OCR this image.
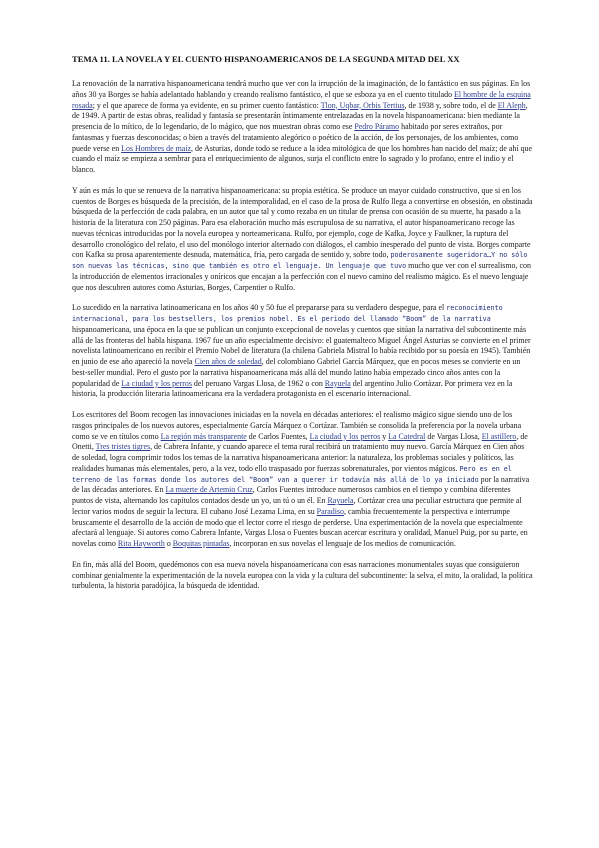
TEMA 11. LA NOVELA Y EL CUENTO HISPANOAMERICANOS DE LA SEGUNDA MITAD DEL XX

La renovación de la narrativa hispanoamericana tendrá mucho que ver con la irrupción de la imaginación, de lo fantástico en sus páginas. En los años 30 ya Borges se había adelantado hablando y creando realismo fantástico, el que se esboza ya en el cuento titulado El hombre de la esquina rosada; y el que aparece de forma ya evidente, en su primer cuento fantástico: Tlon, Uqbar, Orbis Tertius, de 1938 y, sobre todo, el de El Aleph, de 1949. A partir de estas obras, realidad y fantasía se presentarán íntimamente entrelazadas en la novela hispanoamericana: bien mediante la presencia de lo mítico, de lo legendario, de lo mágico, que nos muestran obras como ese Pedro Páramo habitado por seres extraños, por fantasmas y fuerzas desconocidas; o bien a través del tratamiento alegórico o poético de la acción, de los personajes, de los ambientes, como puede verse en Los Hombres de maíz, de Asturias, donde todo se reduce a la idea mitológica de que los hombres han nacido del maíz; de ahí que cuando el maíz se empieza a sembrar para el enriquecimiento de algunos, surja el conflicto entre lo sagrado y lo profano, entre el indio y el blanco.

Y aún es más lo que se renueva de la narrativa hispanoamericana: su propia estética. Se produce un mayor cuidado constructivo, que si en los cuentos de Borges es búsqueda de la precisión, de la intemporalidad, en el caso de la prosa de Rulfo llega a convertirse en obsesión, en obstinada búsqueda de la perfección de cada palabra, en un autor que tal y como rezaba en un titular de prensa con ocasión de su muerte, ha pasado a la historia de la literatura con 250 páginas. Para esa elaboración mucho más escrupulosa de su narrativa, el autor hispanoamericano recoge las nuevas técnicas introducidas por la novela europea y norteamericana. Rulfo, por ejemplo, coge de Kafka, Joyce y Faulkner, la ruptura del desarrollo cronológico del relato, el uso del monólogo interior alternado con diálogos, el cambio inesperado del punto de vista. Borges comparte con Kafka su prosa aparentemente desnuda, matemática, fría, pero cargada de sentido y, sobre todo, poderosamente sugeridora…Y no sólo son nuevas las técnicas, sino que también es otro el lenguaje. Un lenguaje que tuvo mucho que ver con el surrealismo, con la introducción de elementos irracionales y oníricos que encajan a la perfección con el nuevo camino del realismo mágico. Es el nuevo lenguaje que nos descubren autores como Asturias, Borges, Carpentier o Rulfo.

Lo sucedido en la narrativa latinoamericana en los años 40 y 50 fue el prepararse para su verdadero despegue, para el reconocimiento internacional, para los bestsellers, los premios nobel. Es el periodo del llamado “Boom” de la narrativa hispanoamericana, una época en la que se publican un conjunto excepcional de novelas y cuentos que sitúan la narrativa del subcontinente más allá de las fronteras del habla hispana. 1967 fue un año especialmente decisivo: el guatemalteco Miguel Ángel Asturias se convierte en el primer novelista latinoamericano en recibir el Premio Nobel de literatura (la chilena Gabriela Mistral lo había recibido por su poesía en 1945). También en junio de ese año apareció la novela Cien años de soledad, del colombiano Gabriel García Márquez, que en pocos meses se convierte en un best-seller mundial. Pero el gusto por la narrativa hispanoamericana más allá del mundo latino había empezado cinco años antes con la popularidad de La ciudad y los perros del peruano Vargas Llosa, de 1962 o con Rayuela del argentino Julio Cortázar. Por primera vez en la historia, la producción literaria latinoamericana era la verdadera protagonista en el escenario internacional.

Los escritores del Boom recogen las innovaciones iniciadas en la novela en décadas anteriores: el realismo mágico sigue siendo uno de los rasgos principales de los nuevos autores, especialmente García Márquez o Cortázar. También se consolida la preferencia por la novela urbana como se ve en títulos como La región más transparente de Carlos Fuentes, La ciudad y los perros y La Catedral de Vargas Llosa, El astillero, de Onetti, Tres tristes tigres, de Cabrera Infante, y cuando aparece el tema rural recibirá un tratamiento muy nuevo. García Márquez en Cien años de soledad, logra comprimir todos los temas de la narrativa hispanoamericana anterior: la naturaleza, los problemas sociales y políticos, las realidades humanas más elementales, pero, a la vez, todo ello traspasado por fuerzas sobrenaturales, por vientos mágicos. Pero es en el terreno de las formas donde los autores del “Boom” van a querer ir todavía más allá de lo ya iniciado por la narrativa de las décadas anteriores. En La muerte de Artemio Cruz, Carlos Fuentes introduce numerosos cambios en el tiempo y combina diferentes puntos de vista, alternando los capítulos contados desde un yo, un tú o un él. En Rayuela, Cortázar crea una peculiar estructura que permite al lector varios modos de seguir la lectura. El cubano José Lezama Lima, en su Paradiso, cambia frecuentemente la perspectiva e interrumpe bruscamente el desarrollo de la acción de modo que el lector corre el riesgo de perderse. Una experimentación de la novela que especialmente afectará al lenguaje. Si autores como Cabrera Infante, Vargas Llosa o Fuentes buscan acercar escritura y oralidad, Manuel Puig, por su parte, en novelas como Rita Hayworth o Boquitas pintadas, incorporan en sus novelas el lenguaje de los medios de comunicación.

En fin, más allá del Boom, quedémonos con esa nueva novela hispanoamericana con esas narraciones monumentales suyas que consiguieron combinar genialmente la experimentación de la novela europea con la vida y la cultura del subcontinente: la selva, el mito, la oralidad, la política turbulenta, la historia paradójica, la búsqueda de identidad.
